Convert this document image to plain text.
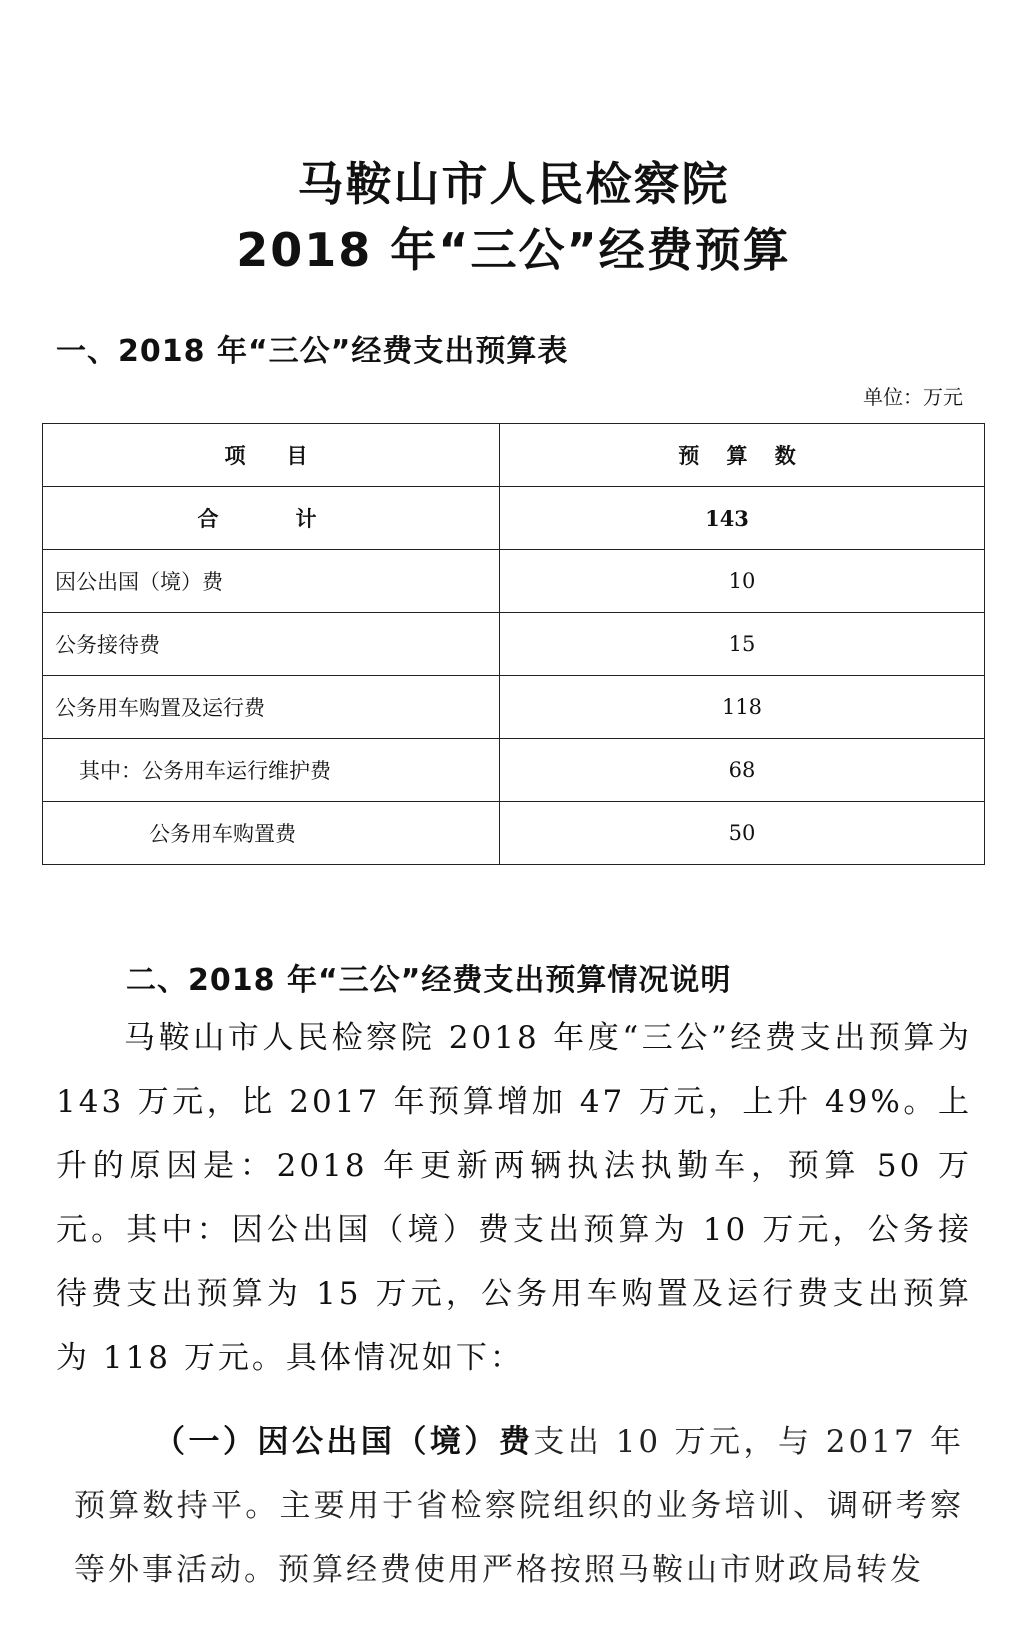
马鞍山市人民检察院
2018 年“三公”经费预算
一、2018 年“三公”经费支出预算表
单位：万元
项　目	预 算 数
合　计	143
因公出国（境）费	10
公务接待费	15
公务用车购置及运行费	118
其中：公务用车运行维护费	68
公务用车购置费	50
二、2018 年“三公”经费支出预算情况说明
马鞍山市人民检察院 2018 年度“三公”经费支出预算为 143 万元，比 2017 年预算增加 47 万元，上升 49%。上升的原因是：2018 年更新两辆执法执勤车，预算 50 万元。其中：因公出国（境）费支出预算为 10 万元，公务接待费支出预算为 15 万元，公务用车购置及运行费支出预算为 118 万元。具体情况如下：
（一）因公出国（境）费支出 10 万元，与 2017 年预算数持平。主要用于省检察院组织的业务培训、调研考察等外事活动。预算经费使用严格按照马鞍山市财政局转发
